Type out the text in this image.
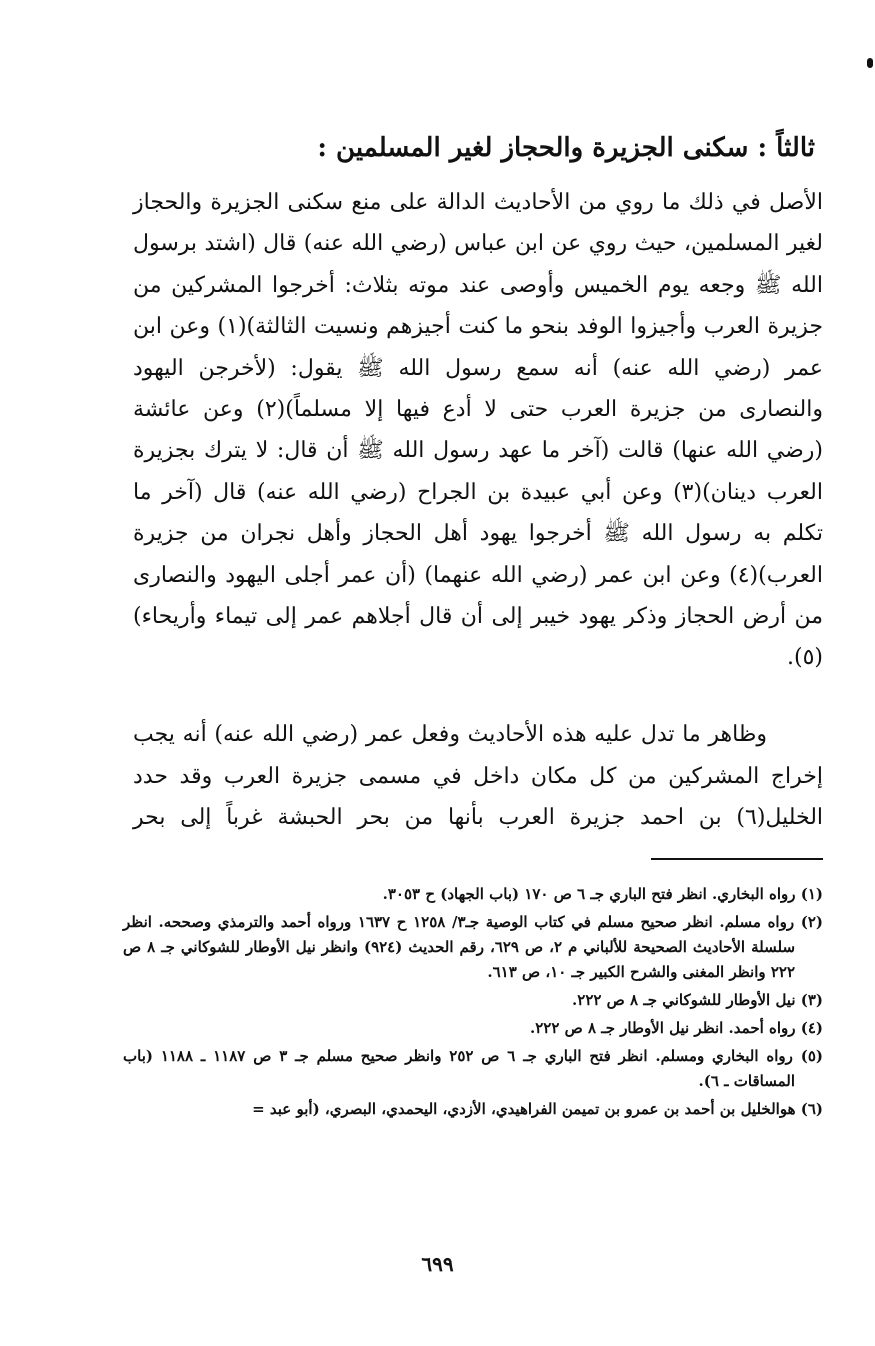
ثالثاً : سكنى الجزيرة والحجاز لغير المسلمين :
الأصل في ذلك ما روي من الأحاديث الدالة على منع سكنى الجزيرة والحجاز لغير المسلمين، حيث روي عن ابن عباس (رضي الله عنه) قال (اشتد برسول الله ﷺ وجعه يوم الخميس وأوصى عند موته بثلاث: أخرجوا المشركين من جزيرة العرب وأجيزوا الوفد بنحو ما كنت أجيزهم ونسيت الثالثة)(١) وعن ابن عمر (رضي الله عنه) أنه سمع رسول الله ﷺ يقول: (لأخرجن اليهود والنصارى من جزيرة العرب حتى لا أدع فيها إلا مسلماً)(٢) وعن عائشة (رضي الله عنها) قالت (آخر ما عهد رسول الله ﷺ أن قال: لا يترك بجزيرة العرب دينان)(٣) وعن أبي عبيدة بن الجراح (رضي الله عنه) قال (آخر ما تكلم به رسول الله ﷺ أخرجوا يهود أهل الحجاز وأهل نجران من جزيرة العرب)(٤) وعن ابن عمر (رضي الله عنهما) (أن عمر أجلى اليهود والنصارى من أرض الحجاز وذكر يهود خيبر إلى أن قال أجلاهم عمر إلى تيماء وأريحاء)(٥).
وظاهر ما تدل عليه هذه الأحاديث وفعل عمر (رضي الله عنه) أنه يجب إخراج المشركين من كل مكان داخل في مسمى جزيرة العرب وقد حدد الخليل(٦) بن احمد جزيرة العرب بأنها من بحر الحبشة غرباً إلى بحر
(١) رواه البخاري. انظر فتح الباري جـ ٦ ص ١٧٠ (باب الجهاد) ح ٣٠٥٣.
(٢) رواه مسلم. انظر صحيح مسلم في كتاب الوصية جـ٣/ ١٢٥٨ ح ١٦٣٧ ورواه أحمد والترمذي وصححه. انظر سلسلة الأحاديث الصحيحة للألباني م ٢، ص ٦٢٩، رقم الحديث (٩٢٤) وانظر نيل الأوطار للشوكاني جـ ٨ ص ٢٢٢ وانظر المغنى والشرح الكبير جـ ١٠، ص ٦١٣.
(٣) نيل الأوطار للشوكاني جـ ٨ ص ٢٢٢.
(٤) رواه أحمد. انظر نيل الأوطار جـ ٨ ص ٢٢٢.
(٥) رواه البخاري ومسلم. انظر فتح الباري جـ ٦ ص ٢٥٢ وانظر صحيح مسلم جـ ٣ ص ١١٨٧ ـ ١١٨٨ (باب المساقات ـ ٦).
(٦) هوالخليل بن أحمد بن عمرو بن تميمن الفراهيدي، الأزدي، اليحمدي، البصري، (أبو عبد =
٦٩٩
